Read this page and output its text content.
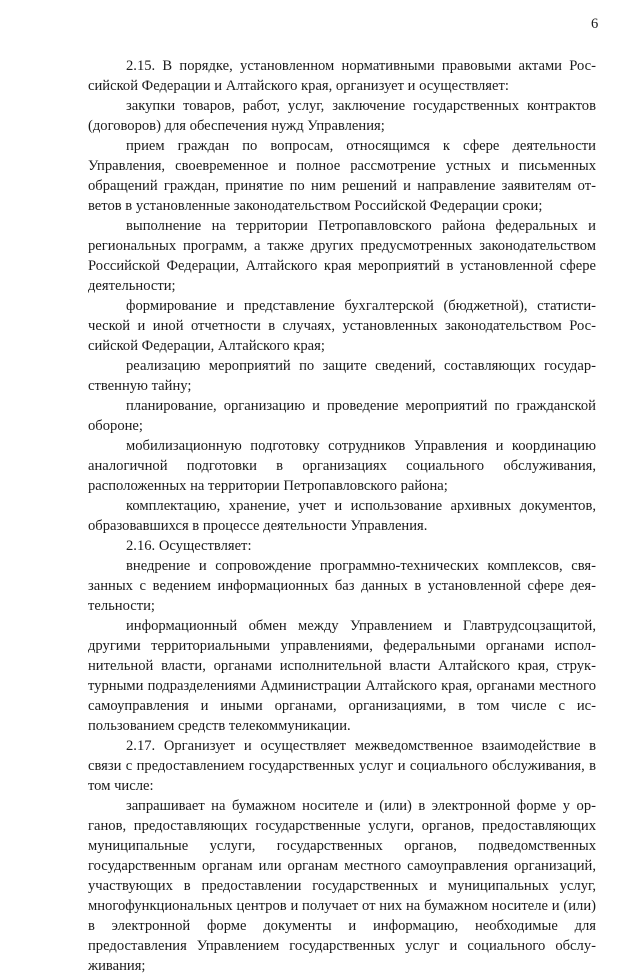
6

2.15. В порядке, установленном нормативными правовыми актами Российской Федерации и Алтайского края, организует и осуществляет:

закупки товаров, работ, услуг, заключение государственных контрактов (договоров) для обеспечения нужд Управления;

прием граждан по вопросам, относящимся к сфере деятельности Управления, своевременное и полное рассмотрение устных и письменных обращений граждан, принятие по ним решений и направление заявителям ответов в установленные законодательством Российской Федерации сроки;

выполнение на территории Петропавловского района федеральных и региональных программ, а также других предусмотренных законодательством Российской Федерации, Алтайского края мероприятий в установленной сфере деятельности;

формирование и представление бухгалтерской (бюджетной), статистической и иной отчетности в случаях, установленных законодательством Российской Федерации, Алтайского края;

реализацию мероприятий по защите сведений, составляющих государственную тайну;

планирование, организацию и проведение мероприятий по гражданской обороне;

мобилизационную подготовку сотрудников Управления и координацию аналогичной подготовки в организациях социального обслуживания, расположенных на территории Петропавловского района;

комплектацию, хранение, учет и использование архивных документов, образовавшихся в процессе деятельности Управления.

2.16. Осуществляет:

внедрение и сопровождение программно-технических комплексов, связанных с ведением информационных баз данных в установленной сфере деятельности;

информационный обмен между Управлением и Главтрудсоцзащитой, другими территориальными управлениями, федеральными органами исполнительной власти, органами исполнительной власти Алтайского края, структурными подразделениями Администрации Алтайского края, органами местного самоуправления и иными органами, организациями, в том числе с использованием средств телекоммуникации.

2.17. Организует и осуществляет межведомственное взаимодействие в связи с предоставлением государственных услуг и социального обслуживания, в том числе:

запрашивает на бумажном носителе и (или) в электронной форме у органов, предоставляющих государственные услуги, органов, предоставляющих муниципальные услуги, государственных органов, подведомственных государственным органам или органам местного самоуправления организаций, участвующих в предоставлении государственных и муниципальных услуг, многофункциональных центров и получает от них на бумажном носителе и (или) в электронной форме документы и информацию, необходимые для предоставления Управлением государственных услуг и социального обслуживания;
